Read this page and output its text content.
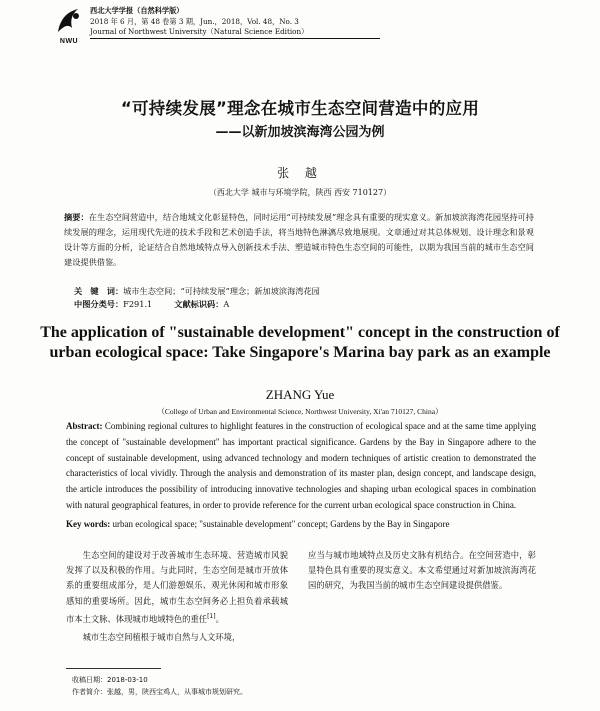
NWU
西北大学学报（自然科学版）
2018 年 6 月，第 48 卷第 3 期，Jun.，2018，Vol. 48，No. 3
Journal of Northwest University（Natural Science Edition）
“可持续发展”理念在城市生态空间营造中的应用
——以新加坡滨海湾公园为例
张 越
（西北大学 城市与环境学院，陕西 西安 710127）
摘要：在生态空间营造中，结合地域文化彰显特色，同时运用“可持续发展”理念具有重要的现实意义。新加坡滨海湾花园坚持可持续发展的理念，运用现代先进的技术手段和艺术创造手法，将当地特色淋漓尽致地展现。文章通过对其总体规划、设计理念和景观设计等方面的分析，论证结合自然地域特点导入创新技术手法、塑造城市特色生态空间的可能性，以期为我国当前的城市生态空间建设提供借鉴。
关　键　词：城市生态空间；“可持续发展”理念；新加坡滨海湾花园
中图分类号：F291.1	文献标识码：A
The application of "sustainable development" concept in the construction of urban ecological space: Take Singapore's Marina bay park as an example
ZHANG Yue
（College of Urban and Environmental Science, Northwest University, Xi'an 710127, China）
Abstract: Combining regional cultures to highlight features in the construction of ecological space and at the same time applying the concept of "sustainable development" has important practical significance. Gardens by the Bay in Singapore adhere to the concept of sustainable development, using advanced technology and modern techniques of artistic creation to demonstrated the characteristics of local vividly. Through the analysis and demonstration of its master plan, design concept, and landscape design, the article introduces the possibility of introducing innovative technologies and shaping urban ecological spaces in combination with natural geographical features, in order to provide reference for the current urban ecological space construction in China.
Key words: urban ecological space; "sustainable development" concept; Gardens by the Bay in Singapore

生态空间的建设对于改善城市生态环境、营造城市风貌发挥了以及积极的作用。与此同时，生态空间是城市开放体系的重要组成部分，是人们游憩娱乐、观光休闲和城市形象感知的重要场所。因此，城市生态空间务必上担负着承载城市本土文脉、体现城市地域特色的重任[1]。

城市生态空间植根于城市自然与人文环境，

应当与城市地域特点及历史文脉有机结合。在空间营造中，彰显特色具有重要的现实意义。本文希望通过对新加坡滨海湾花园的研究，为我国当前的城市生态空间建设提供借鉴。

收稿日期：2018-03-10
作者简介：张越，男，陕西宝鸡人，从事城市规划研究。
